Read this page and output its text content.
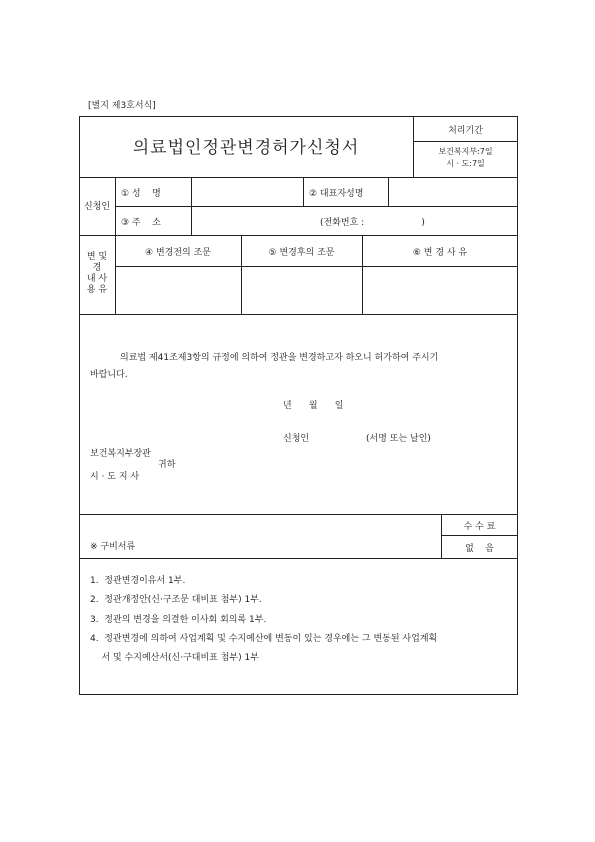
[별지 제3호서식]
의료법인정관변경허가신청서
처리기간
보건복지부:7일
시 · 도:7일
신청인
① 성    명	② 대표자성명
③ 주    소	(전화번호 :                    )
변 및
경
내 사
용 유
④ 변경전의 조문	⑤ 변경후의 조문	⑥ 변 경 사 유
의료법 제41조제3항의 규정에 의하여 정관을 변경하고자 하오니 허가하여 주시기
바랍니다.
년      월      일
신청인	(서명 또는 날인)
보건복지부장관
시 · 도 지 사
귀하
※ 구비서류
수 수 료
없    음
1.  정관변경이유서 1부.
2.  정관개정안(신·구조문 대비표 첨부) 1부.
3.  정관의 변경을 의결한 이사회 회의록 1부.
4.  정관변경에 의하여 사업계획 및 수지예산에 변동이 있는 경우에는 그 변동된 사업계획
서 및 수지예산서(신·구대비표 첨부) 1부
